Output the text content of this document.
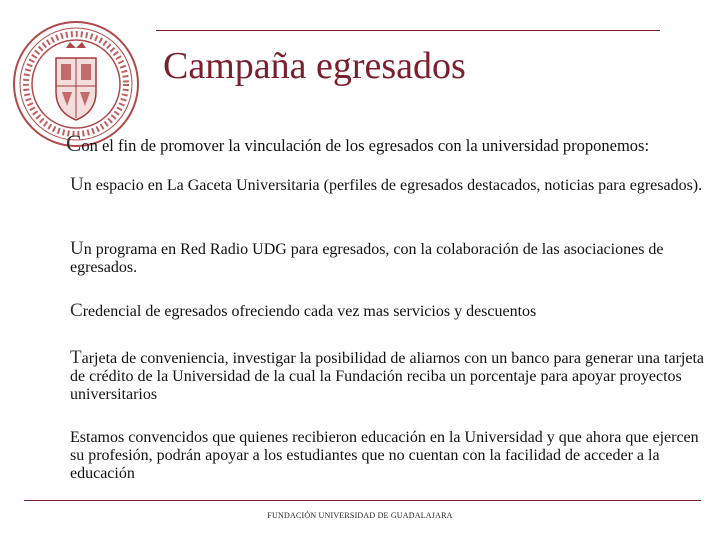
Campaña egresados
Con el fin de promover la vinculación de los egresados con la universidad proponemos:
Un espacio en La Gaceta Universitaria (perfiles de egresados destacados, noticias para egresados).
Un programa en Red Radio UDG para egresados, con la colaboración de las asociaciones de egresados.
Credencial de egresados ofreciendo cada vez mas servicios y descuentos
Tarjeta de conveniencia, investigar la posibilidad de aliarnos con un banco para generar una tarjeta de crédito de la Universidad de la cual la Fundación reciba un porcentaje para apoyar proyectos universitarios
Estamos convencidos que quienes recibieron educación en la Universidad y que ahora que ejercen su profesión, podrán apoyar a los estudiantes que no cuentan con la facilidad de acceder a la educación
FUNDACIÓN UNIVERSIDAD DE GUADALAJARA
